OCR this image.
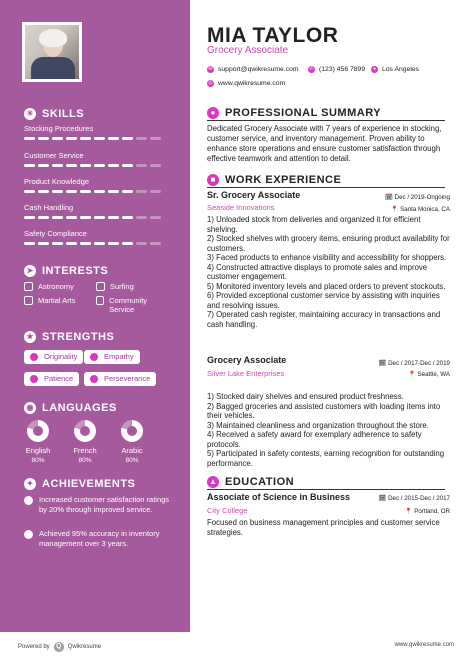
☀ SKILLS
Stocking Procedures
Customer Service
Product Knowledge
Cash Handling
Safety Compliance
➤ INTERESTS
Astronomy	Surfing
Martial Arts	Community Service
★ STRENGTHS
Originality	Empathy
Patience	Perseverance
◉ LANGUAGES
English
80%
French
80%
Arabic
80%
✦ ACHIEVEMENTS
Increased customer satisfaction ratings by 20% through improved service.
Achieved 95% accuracy in inventory management over 3 years.
MIA TAYLOR
Grocery Associate
✉ support@qwikresume.com ✆ (123) 456 7899	● Los Angeles
◎ www.qwikresume.com
● PROFESSIONAL SUMMARY
Dedicated Grocery Associate with 7 years of experience in stocking, customer service, and inventory management. Proven ability to enhance store operations and ensure customer satisfaction through effective teamwork and attention to detail.
■ WORK EXPERIENCE
Sr. Grocery Associate	🗓 Dec / 2019-Ongoing
Seaside Innovations	📍 Santa Monica, CA
1) Unloaded stock from deliveries and organized it for efficient shelving.
2) Stocked shelves with grocery items, ensuring product availability for customers.
3) Faced products to enhance visibility and accessibility for shoppers.
4) Constructed attractive displays to promote sales and improve customer engagement.
5) Monitored inventory levels and placed orders to prevent stockouts.
6) Provided exceptional customer service by assisting with inquiries and resolving issues.
7) Operated cash register, maintaining accuracy in transactions and cash handling.
Grocery Associate	🗓 Dec / 2017-Dec / 2019
Silver Lake Enterprises	📍 Seattle, WA
1) Stocked dairy shelves and ensured product freshness.
2) Bagged groceries and assisted customers with loading items into their vehicles.
3) Maintained cleanliness and organization throughout the store.
4) Received a safety award for exemplary adherence to safety protocols.
5) Participated in safety contests, earning recognition for outstanding performance.
▲ EDUCATION
Associate of Science in Business	🗓 Dec / 2015-Dec / 2017
City College	📍 Portland, OR
Focused on business management principles and customer service strategies.
Powered by Q	Qwikresume	www.qwikresume.com
